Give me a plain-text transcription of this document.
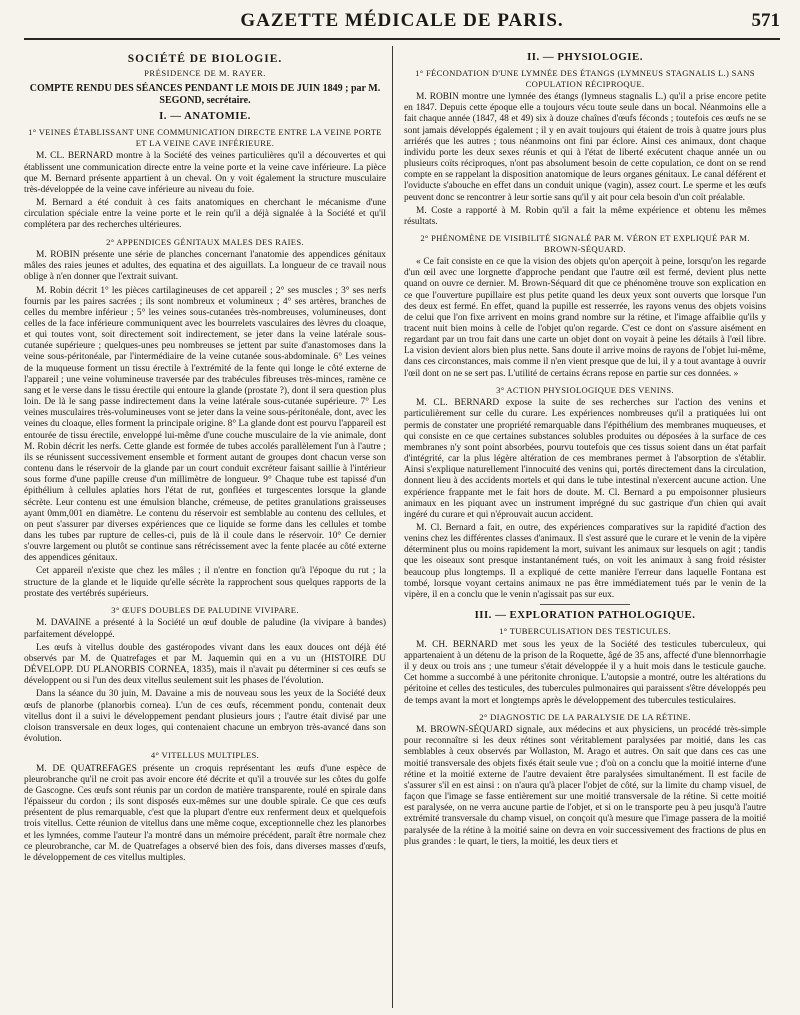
GAZETTE MÉDICALE DE PARIS.	571

SOCIÉTÉ DE BIOLOGIE.

PRÉSIDENCE DE M. RAYER.

COMPTE RENDU DES SÉANCES PENDANT LE MOIS DE JUIN 1849 ; par M. SEGOND, secrétaire.

I. — ANATOMIE.

1° VEINES ÉTABLISSANT UNE COMMUNICATION DIRECTE ENTRE LA VEINE PORTE ET LA VEINE CAVE INFÉRIEURE.

M. CL. BERNARD montre à la Société des veines particulières qu'il a découvertes et qui établissent une communication directe entre la veine porte et la veine cave inférieure. La pièce que M. Bernard présente appartient à un cheval. On y voit également la structure musculaire très-développée de la veine cave inférieure au niveau du foie.

M. Bernard a été conduit à ces faits anatomiques en cherchant le mécanisme d'une circulation spéciale entre la veine porte et le rein qu'il a déjà signalée à la Société et qu'il complétera par des recherches ultérieures.

2° APPENDICES GÉNITAUX MALES DES RAIES.

M. ROBIN présente une série de planches concernant l'anatomie des appendices génitaux mâles des raies jeunes et adultes, des equatina et des aiguillats. La longueur de ce travail nous oblige à n'en donner que l'extrait suivant.

M. Robin décrit 1° les pièces cartilagineuses de cet appareil ; 2° ses muscles ; 3° ses nerfs fournis par les paires sacrées ; ils sont nombreux et volumineux ; 4° ses artères, branches de celles du membre inférieur ; 5° les veines sous-cutanées très-nombreuses, volumineuses, dont celles de la face inférieure communiquent avec les bourrelets vasculaires des lèvres du cloaque, et qui toutes vont, soit directement soit indirectement, se jeter dans la veine latérale sous-cutanée supérieure ; quelques-unes peu nombreuses se jettent par suite d'anastomoses dans la veine sous-péritonéale, par l'intermédiaire de la veine cutanée sous-abdominale. 6° Les veines de la muqueuse forment un tissu érectile à l'extrémité de la fente qui longe le côté externe de l'appareil ; une veine volumineuse traversée par des trabécules fibreuses très-minces, ramène ce sang et le verse dans le tissu érectile qui entoure la glande (prostate ?), dont il sera question plus loin. De là le sang passe indirectement dans la veine latérale sous-cutanée supérieure. 7° Les veines musculaires très-volumineuses vont se jeter dans la veine sous-péritonéale, dont, avec les veines du cloaque, elles forment la principale origine. 8° La glande dont est pourvu l'appareil est entourée de tissu érectile, enveloppé lui-même d'une couche musculaire de la vie animale, dont M. Robin décrit les nerfs. Cette glande est formée de tubes accolés parallèlement l'un à l'autre ; ils se réunissent successivement ensemble et forment autant de groupes dont chacun verse son contenu dans le réservoir de la glande par un court conduit excréteur faisant saillie à l'intérieur sous forme d'une papille creuse d'un millimètre de longueur. 9° Chaque tube est tapissé d'un épithélium à cellules aplaties hors l'état de rut, gonflées et turgescentes lorsque la glande sécrète. Leur contenu est une émulsion blanche, crémeuse, de petites granulations graisseuses ayant 0mm,001 en diamètre. Le contenu du réservoir est semblable au contenu des cellules, et on peut s'assurer par diverses expériences que ce liquide se forme dans les cellules et tombe dans les tubes par rupture de celles-ci, puis de là il coule dans le réservoir. 10° Ce dernier s'ouvre largement ou plutôt se continue sans rétrécissement avec la fente placée au côté externe des appendices génitaux.

Cet appareil n'existe que chez les mâles ; il n'entre en fonction qu'à l'époque du rut ; la structure de la glande et le liquide qu'elle sécrète la rapprochent sous quelques rapports de la prostate des vertébrés supérieurs.

3° ŒUFS DOUBLES DE PALUDINE VIVIPARE.

M. DAVAINE a présenté à la Société un œuf double de paludine (la vivipare à bandes) parfaitement développé.

Les œufs à vitellus double des gastéropodes vivant dans les eaux douces ont déjà été observés par M. de Quatrefages et par M. Jaquemin qui en a vu un (HISTOIRE DU DÉVELOPP. DU PLANORBIS CORNEA, 1835), mais il n'avait pu déterminer si ces œufs se développent ou si l'un des deux vitellus seulement suit les phases de l'évolution.

Dans la séance du 30 juin, M. Davaine a mis de nouveau sous les yeux de la Société deux œufs de planorbe (planorbis cornea). L'un de ces œufs, récemment pondu, contenait deux vitellus dont il a suivi le développement pendant plusieurs jours ; l'autre était divisé par une cloison transversale en deux loges, qui contenaient chacune un embryon très-avancé dans son évolution.

4° VITELLUS MULTIPLES.

M. DE QUATREFAGES présente un croquis représentant les œufs d'une espèce de pleurobranche qu'il ne croit pas avoir encore été décrite et qu'il a trouvée sur les côtes du golfe de Gascogne. Ces œufs sont réunis par un cordon de matière transparente, roulé en spirale dans l'épaisseur du cordon ; ils sont disposés eux-mêmes sur une double spirale. Ce que ces œufs présentent de plus remarquable, c'est que la plupart d'entre eux renferment deux et quelquefois trois vitellus. Cette réunion de vitellus dans une même coque, exceptionnelle chez les planorbes et les lymnées, comme l'auteur l'a montré dans un mémoire précédent, paraît être normale chez ce pleurobranche, car M. de Quatrefages a observé bien des fois, dans diverses masses d'œufs, le développement de ces vitellus multiples.

II. — PHYSIOLOGIE.

1° FÉCONDATION D'UNE LYMNÉE DES ÉTANGS (LYMNEUS STAGNALIS L.) SANS COPULATION RÉCIPROQUE.

M. ROBIN montre une lymnée des étangs (lymneus stagnalis L.) qu'il a prise encore petite en 1847. Depuis cette époque elle a toujours vécu toute seule dans un bocal. Néanmoins elle a fait chaque année (1847, 48 et 49) six à douze chaînes d'œufs féconds ; toutefois ces œufs ne se sont jamais développés également ; il y en avait toujours qui étaient de trois à quatre jours plus arriérés que les autres ; tous néanmoins ont fini par éclore. Ainsi ces animaux, dont chaque individu porte les deux sexes réunis et qui à l'état de liberté exécutent chaque année un ou plusieurs coïts réciproques, n'ont pas absolument besoin de cette copulation, ce dont on se rend compte en se rappelant la disposition anatomique de leurs organes génitaux. Le canal déférent et l'oviducte s'abouche en effet dans un conduit unique (vagin), assez court. Le sperme et les œufs peuvent donc se rencontrer à leur sortie sans qu'il y ait pour cela besoin d'un coït préalable.

M. Coste a rapporté à M. Robin qu'il a fait la même expérience et obtenu les mêmes résultats.

2° PHÉNOMÈNE DE VISIBILITÉ SIGNALÉ PAR M. VÉRON ET EXPLIQUÉ PAR M. BROWN-SÉQUARD.

« Ce fait consiste en ce que la vision des objets qu'on aperçoit à peine, lorsqu'on les regarde d'un œil avec une lorgnette d'approche pendant que l'autre œil est fermé, devient plus nette quand on ouvre ce dernier. M. Brown-Séquard dit que ce phénomène trouve son explication en ce que l'ouverture pupillaire est plus petite quand les deux yeux sont ouverts que lorsque l'un des deux est fermé. En effet, quand la pupille est resserrée, les rayons venus des objets voisins de celui que l'on fixe arrivent en moins grand nombre sur la rétine, et l'image affaiblie qu'ils y tracent nuit bien moins à celle de l'objet qu'on regarde. C'est ce dont on s'assure aisément en regardant par un trou fait dans une carte un objet dont on voyait à peine les détails à l'œil libre. La vision devient alors bien plus nette. Sans doute il arrive moins de rayons de l'objet lui-même, dans ces circonstances, mais comme il n'en vient presque que de lui, il y a tout avantage à ouvrir l'œil dont on ne se sert pas. L'utilité de certains écrans repose en partie sur ces données. »

3° ACTION PHYSIOLOGIQUE DES VENINS.

M. CL. BERNARD expose la suite de ses recherches sur l'action des venins et particulièrement sur celle du curare. Les expériences nombreuses qu'il a pratiquées lui ont permis de constater une propriété remarquable dans l'épithélium des membranes muqueuses, et qui consiste en ce que certaines substances solubles produites ou déposées à la surface de ces membranes n'y sont point absorbées, pourvu toutefois que ces tissus soient dans un état parfait d'intégrité, car la plus légère altération de ces membranes permet à l'absorption de s'établir. Ainsi s'explique naturellement l'innocuité des venins qui, portés directement dans la circulation, donnent lieu à des accidents mortels et qui dans le tube intestinal n'exercent aucune action. Une expérience frappante met le fait hors de doute. M. Cl. Bernard a pu empoisonner plusieurs animaux en les piquant avec un instrument imprégné du suc gastrique d'un chien qui avait ingéré du curare et qui n'éprouvait aucun accident.

M. Cl. Bernard a fait, en outre, des expériences comparatives sur la rapidité d'action des venins chez les différentes classes d'animaux. Il s'est assuré que le curare et le venin de la vipère déterminent plus ou moins rapidement la mort, suivant les animaux sur lesquels on agit ; tandis que les oiseaux sont presque instantanément tués, on voit les animaux à sang froid résister beaucoup plus longtemps. Il a expliqué de cette manière l'erreur dans laquelle Fontana est tombé, lorsque voyant certains animaux ne pas être immédiatement tués par le venin de la vipère, il en a conclu que le venin n'agissait pas sur eux.

III. — EXPLORATION PATHOLOGIQUE.

1° TUBERCULISATION DES TESTICULES.

M. CH. BERNARD met sous les yeux de la Société des testicules tuberculeux, qui appartenaient à un détenu de la prison de la Roquette, âgé de 35 ans, affecté d'une blennorrhagie il y deux ou trois ans ; une tumeur s'était développée il y a huit mois dans le testicule gauche. Cet homme a succombé à une péritonite chronique. L'autopsie a montré, outre les altérations du péritoine et celles des testicules, des tubercules pulmonaires qui paraissent s'être développés peu de temps avant la mort et longtemps après le développement des tubercules testiculaires.

2° DIAGNOSTIC DE LA PARALYSIE DE LA RÉTINE.

M. BROWN-SÉQUARD signale, aux médecins et aux physiciens, un procédé très-simple pour reconnaître si les deux rétines sont véritablement paralysées par moitié, dans les cas semblables à ceux observés par Wollaston, M. Arago et autres. On sait que dans ces cas une moitié transversale des objets fixés était seule vue ; d'où on a conclu que la moitié interne d'une rétine et la moitié externe de l'autre devaient être paralysées simultanément. Il est facile de s'assurer s'il en est ainsi : on n'aura qu'à placer l'objet de côté, sur la limite du champ visuel, de façon que l'image se fasse entièrement sur une moitié transversale de la rétine. Si cette moitié est paralysée, on ne verra aucune partie de l'objet, et si on le transporte peu à peu jusqu'à l'autre extrémité transversale du champ visuel, on conçoit qu'à mesure que l'image passera de la moitié paralysée de la rétine à la moitié saine on devra en voir successivement des fractions de plus en plus grandes : le quart, le tiers, la moitié, les deux tiers et
